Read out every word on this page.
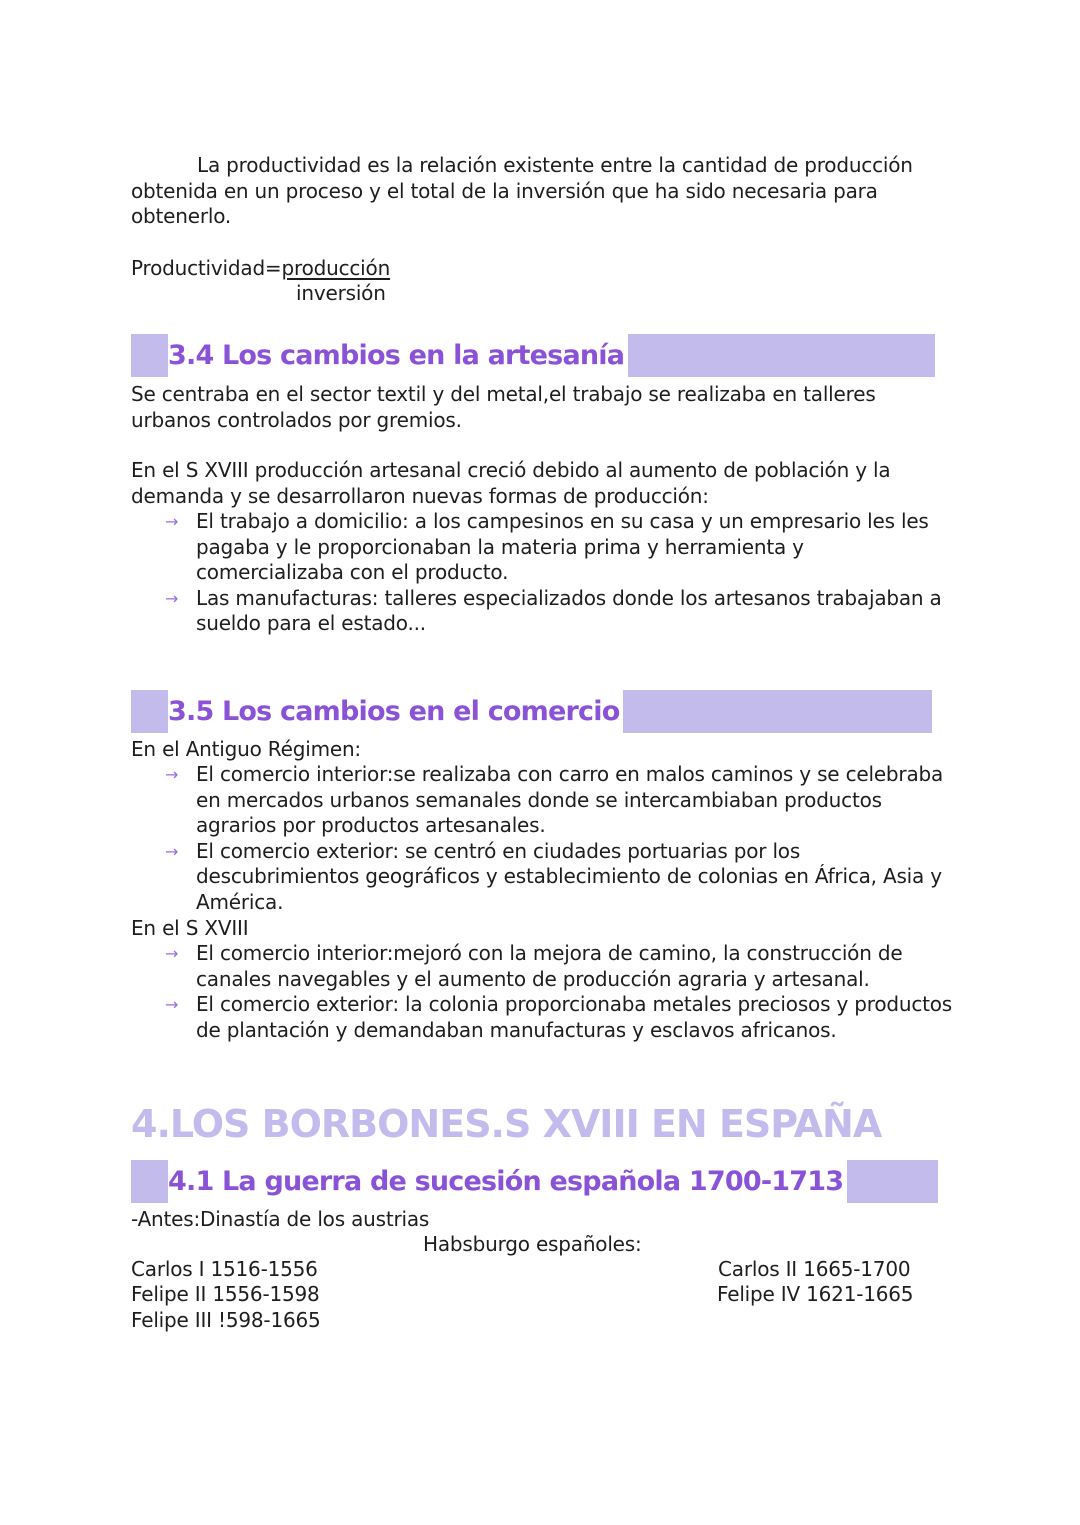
La productividad es la relación existente entre la cantidad de producción obtenida en un proceso y el total de la inversión que ha sido necesaria para obtenerlo.
Productividad=producción
inversión
3.4 Los cambios en la artesanía
Se centraba en el sector textil y del metal,el trabajo se realizaba en talleres urbanos controlados por gremios.
En el S XVIII producción artesanal creció debido al aumento de población y la demanda y se desarrollaron nuevas formas de producción:
→ El trabajo a domicilio: a los campesinos en su casa y un empresario les les pagaba y le proporcionaban la materia prima y herramienta y comercializaba con el producto.
→ Las manufacturas: talleres especializados donde los artesanos trabajaban a sueldo para el estado...
3.5 Los cambios en el comercio
En el Antiguo Régimen:
→ El comercio interior:se realizaba con carro en malos caminos y se celebraba en mercados urbanos semanales donde se intercambiaban productos agrarios por productos artesanales.
→ El comercio exterior: se centró en ciudades portuarias por los descubrimientos geográficos y establecimiento de colonias en África, Asia y América.
En el S XVIII
→ El comercio interior:mejoró con la mejora de camino, la construcción de canales navegables y el aumento de producción agraria y artesanal.
→ El comercio exterior: la colonia proporcionaba metales preciosos y productos de plantación y demandaban manufacturas y esclavos africanos.
4.LOS BORBONES.S XVIII EN ESPAÑA
4.1 La guerra de sucesión española 1700-1713
-Antes:Dinastía de los austrias
Habsburgo españoles:
Carlos I 1516-1556
Felipe II 1556-1598
Felipe III !598-1665
Carlos II 1665-1700
Felipe IV 1621-1665
